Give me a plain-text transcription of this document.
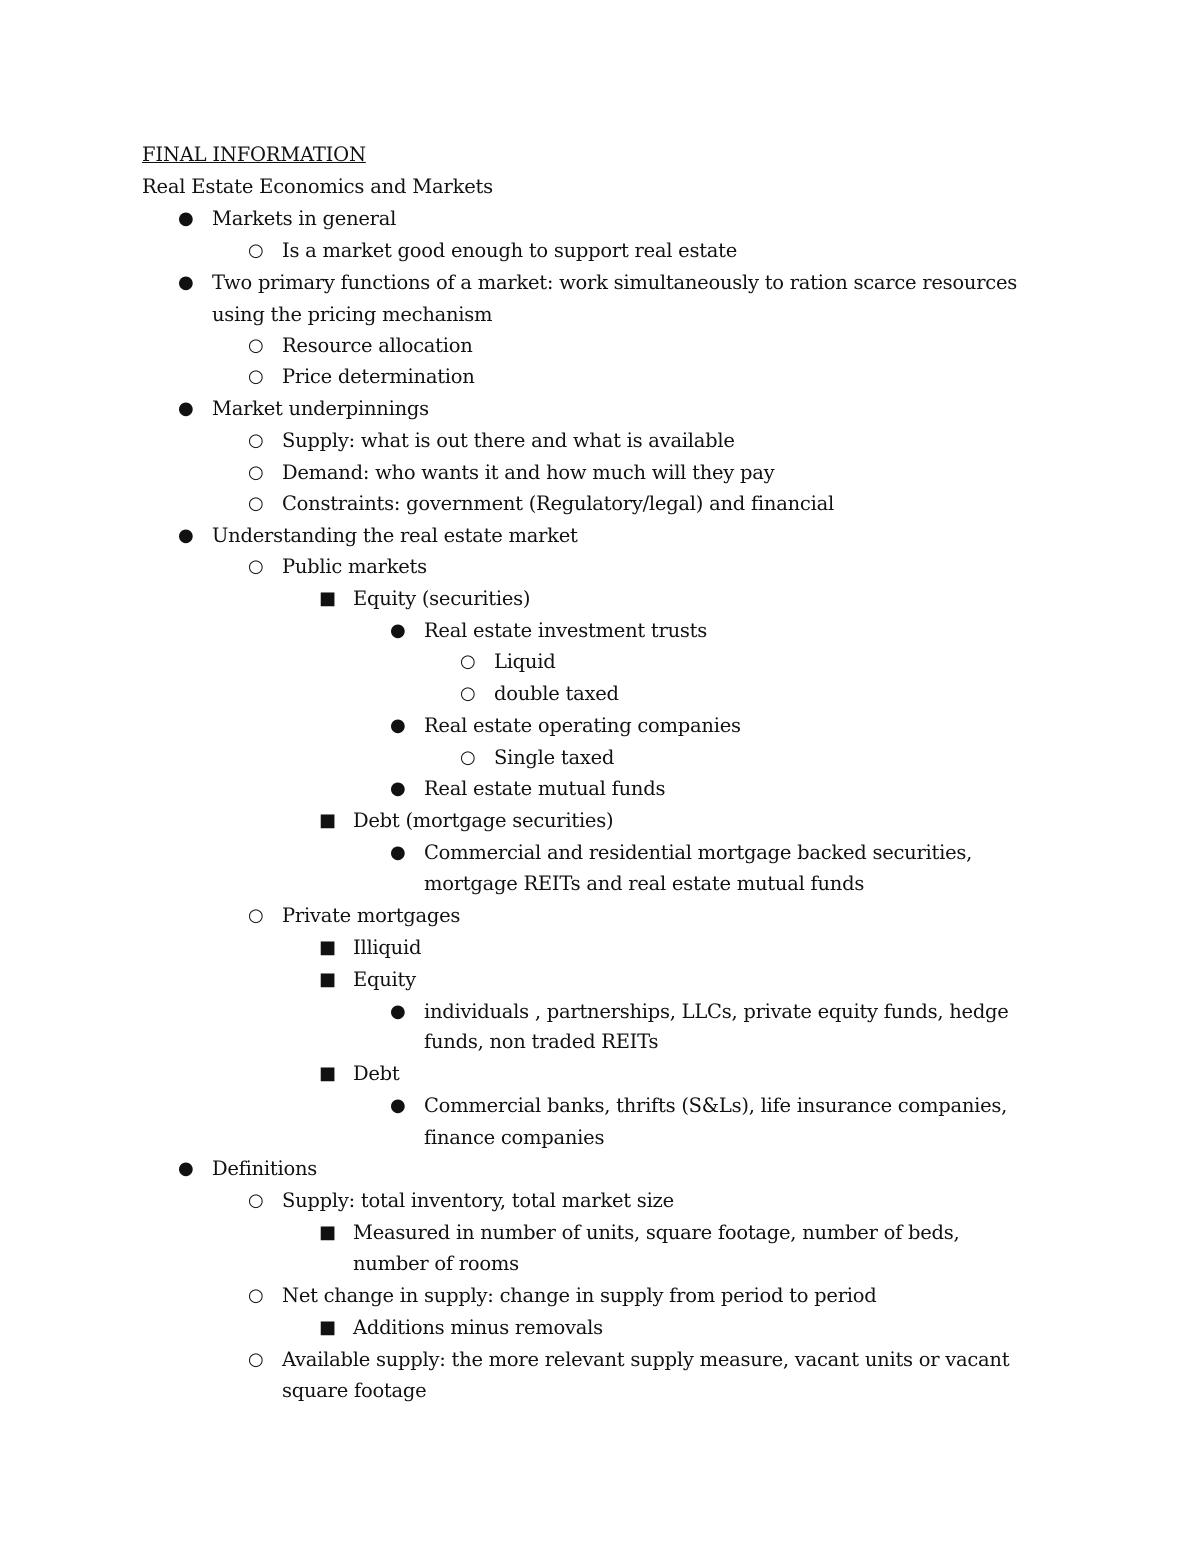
FINAL INFORMATION
Real Estate Economics and Markets
● Markets in general
○ Is a market good enough to support real estate
● Two primary functions of a market: work simultaneously to ration scarce resources
using the pricing mechanism
○ Resource allocation
○ Price determination
● Market underpinnings
○ Supply: what is out there and what is available
○ Demand: who wants it and how much will they pay
○ Constraints: government (Regulatory/legal) and financial
● Understanding the real estate market
○ Public markets
■ Equity (securities)
● Real estate investment trusts
○ Liquid
○ double taxed
● Real estate operating companies
○ Single taxed
● Real estate mutual funds
■ Debt (mortgage securities)
● Commercial and residential mortgage backed securities,
mortgage REITs and real estate mutual funds
○ Private mortgages
■ Illiquid
■ Equity
● individuals , partnerships, LLCs, private equity funds, hedge
funds, non traded REITs
■ Debt
● Commercial banks, thrifts (S&Ls), life insurance companies,
finance companies
● Definitions
○ Supply: total inventory, total market size
■ Measured in number of units, square footage, number of beds,
number of rooms
○ Net change in supply: change in supply from period to period
■ Additions minus removals
○ Available supply: the more relevant supply measure, vacant units or vacant
square footage
